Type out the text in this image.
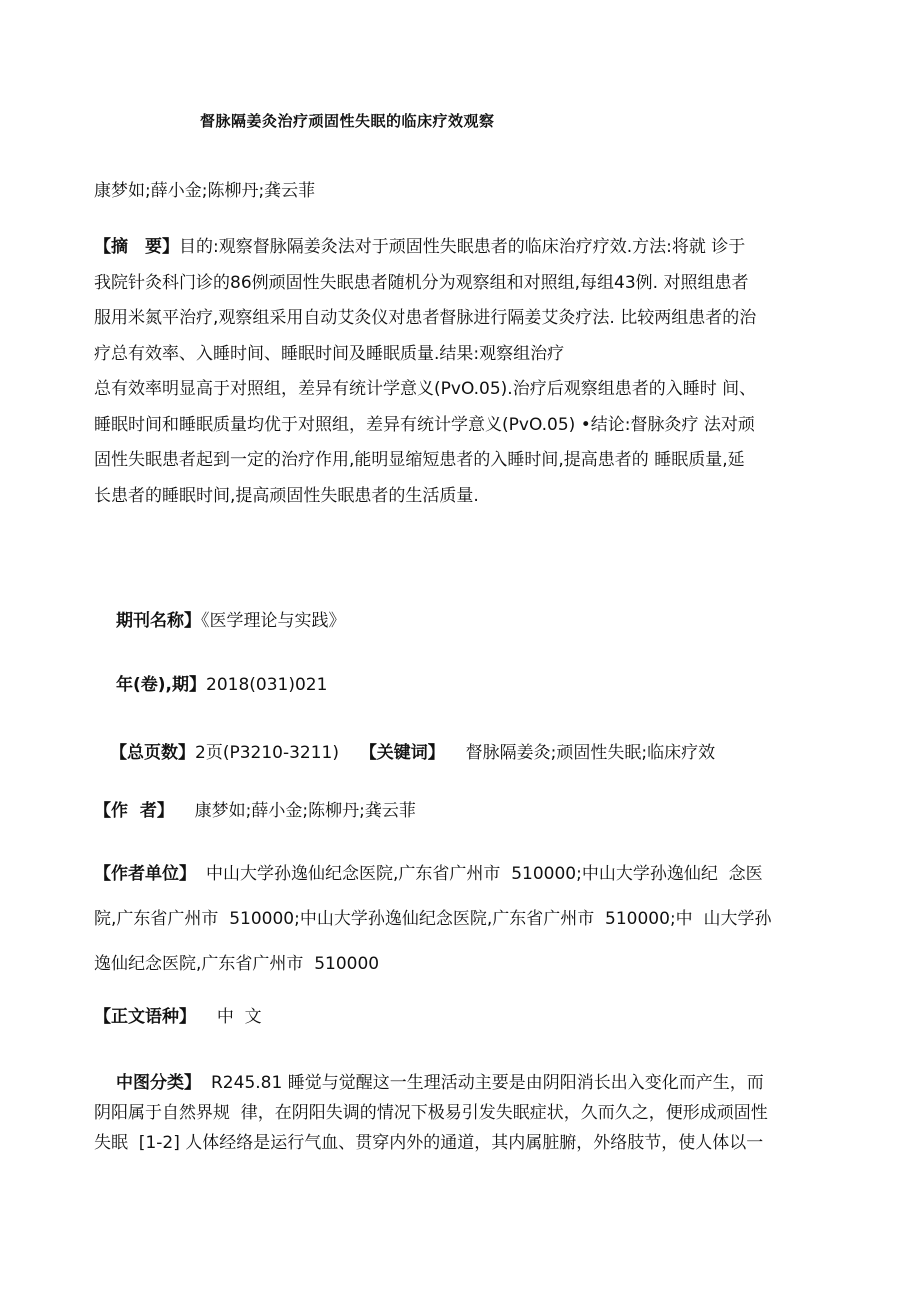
督脉隔姜灸治疗顽固性失眠的临床疗效观察
康梦如;薛小金;陈柳丹;龚云菲

【摘　要】目的:观察督脉隔姜灸法对于顽固性失眠患者的临床治疗疗效.方法:将就 诊于

我院针灸科门诊的86例顽固性失眠患者随机分为观察组和对照组,每组43例. 对照组患者

服用米氮平治疗,观察组采用自动艾灸仪对患者督脉进行隔姜艾灸疗法. 比较两组患者的治

疗总有效率、入睡时间、睡眠时间及睡眠质量.结果:观察组治疗

总有效率明显高于对照组，差异有统计学意义(PvO.05).治疗后观察组患者的入睡时 间、

睡眠时间和睡眠质量均优于对照组，差异有统计学意义(PvO.05) •结论:督脉灸疗 法对顽

固性失眠患者起到一定的治疗作用,能明显缩短患者的入睡时间,提高患者的 睡眠质量,延

长患者的睡眠时间,提高顽固性失眠患者的生活质量.

期刊名称】《医学理论与实践》
年(卷),期】2018(031)021
【总页数】2页(P3210-3211) 【关键词】 督脉隔姜灸;顽固性失眠;临床疗效
【作  者】 康梦如;薛小金;陈柳丹;龚云菲

【作者单位】 中山大学孙逸仙纪念医院,广东省广州市  510000;中山大学孙逸仙纪  念医

院,广东省广州市  510000;中山大学孙逸仙纪念医院,广东省广州市  510000;中  山大学孙

逸仙纪念医院,广东省广州市  510000

【正文语种】 中  文

中图分类】 R245.81 睡觉与觉醒这一生理活动主要是由阴阳消长出入变化而产生，而

阴阳属于自然界规  律，在阴阳失调的情况下极易引发失眠症状，久而久之，便形成顽固性

失眠  [1-2] 人体经络是运行气血、贯穿内外的通道，其内属脏腑，外络肢节，使人体以一
